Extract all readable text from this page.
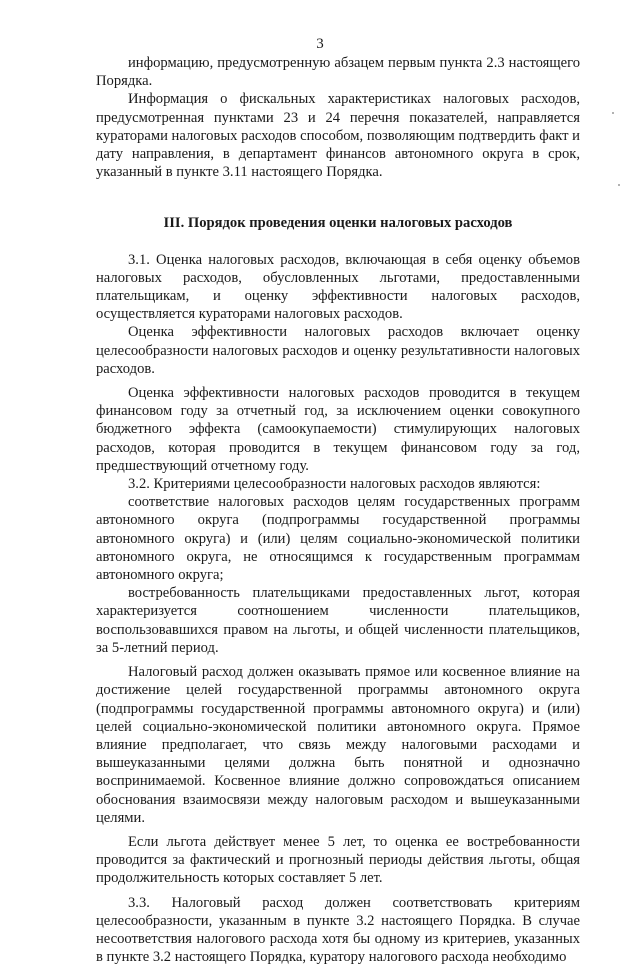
3

информацию, предусмотренную абзацем первым пункта 2.3 настоящего Порядка.

Информация о фискальных характеристиках налоговых расходов, предусмотренная пунктами 23 и 24 перечня показателей, направляется кураторами налоговых расходов способом, позволяющим подтвердить факт и дату направления, в департамент финансов автономного округа в срок, указанный в пункте 3.11 настоящего Порядка.

III. Порядок проведения оценки налоговых расходов

3.1. Оценка налоговых расходов, включающая в себя оценку объемов налоговых расходов, обусловленных льготами, предоставленными плательщикам, и оценку эффективности налоговых расходов, осуществляется кураторами налоговых расходов.

Оценка эффективности налоговых расходов включает оценку целесообразности налоговых расходов и оценку результативности налоговых расходов.

Оценка эффективности налоговых расходов проводится в текущем финансовом году за отчетный год, за исключением оценки совокупного бюджетного эффекта (самоокупаемости) стимулирующих налоговых расходов, которая проводится в текущем финансовом году за год, предшествующий отчетному году.

3.2. Критериями целесообразности налоговых расходов являются:

соответствие налоговых расходов целям государственных программ автономного округа (подпрограммы государственной программы автономного округа) и (или) целям социально-экономической политики автономного округа, не относящимся к государственным программам автономного округа;

востребованность плательщиками предоставленных льгот, которая характеризуется соотношением численности плательщиков, воспользовавшихся правом на льготы, и общей численности плательщиков, за 5-летний период.

Налоговый расход должен оказывать прямое или косвенное влияние на достижение целей государственной программы автономного округа (подпрограммы государственной программы автономного округа) и (или) целей социально-экономической политики автономного округа. Прямое влияние предполагает, что связь между налоговыми расходами и вышеуказанными целями должна быть понятной и однозначно воспринимаемой. Косвенное влияние должно сопровождаться описанием обоснования взаимосвязи между налоговым расходом и вышеуказанными целями.

Если льгота действует менее 5 лет, то оценка ее востребованности проводится за фактический и прогнозный периоды действия льготы, общая продолжительность которых составляет 5 лет.

3.3. Налоговый расход должен соответствовать критериям целесообразности, указанным в пункте 3.2 настоящего Порядка. В случае несоответствия налогового расхода хотя бы одному из критериев, указанных в пункте 3.2 настоящего Порядка, куратору налогового расхода необходимо
